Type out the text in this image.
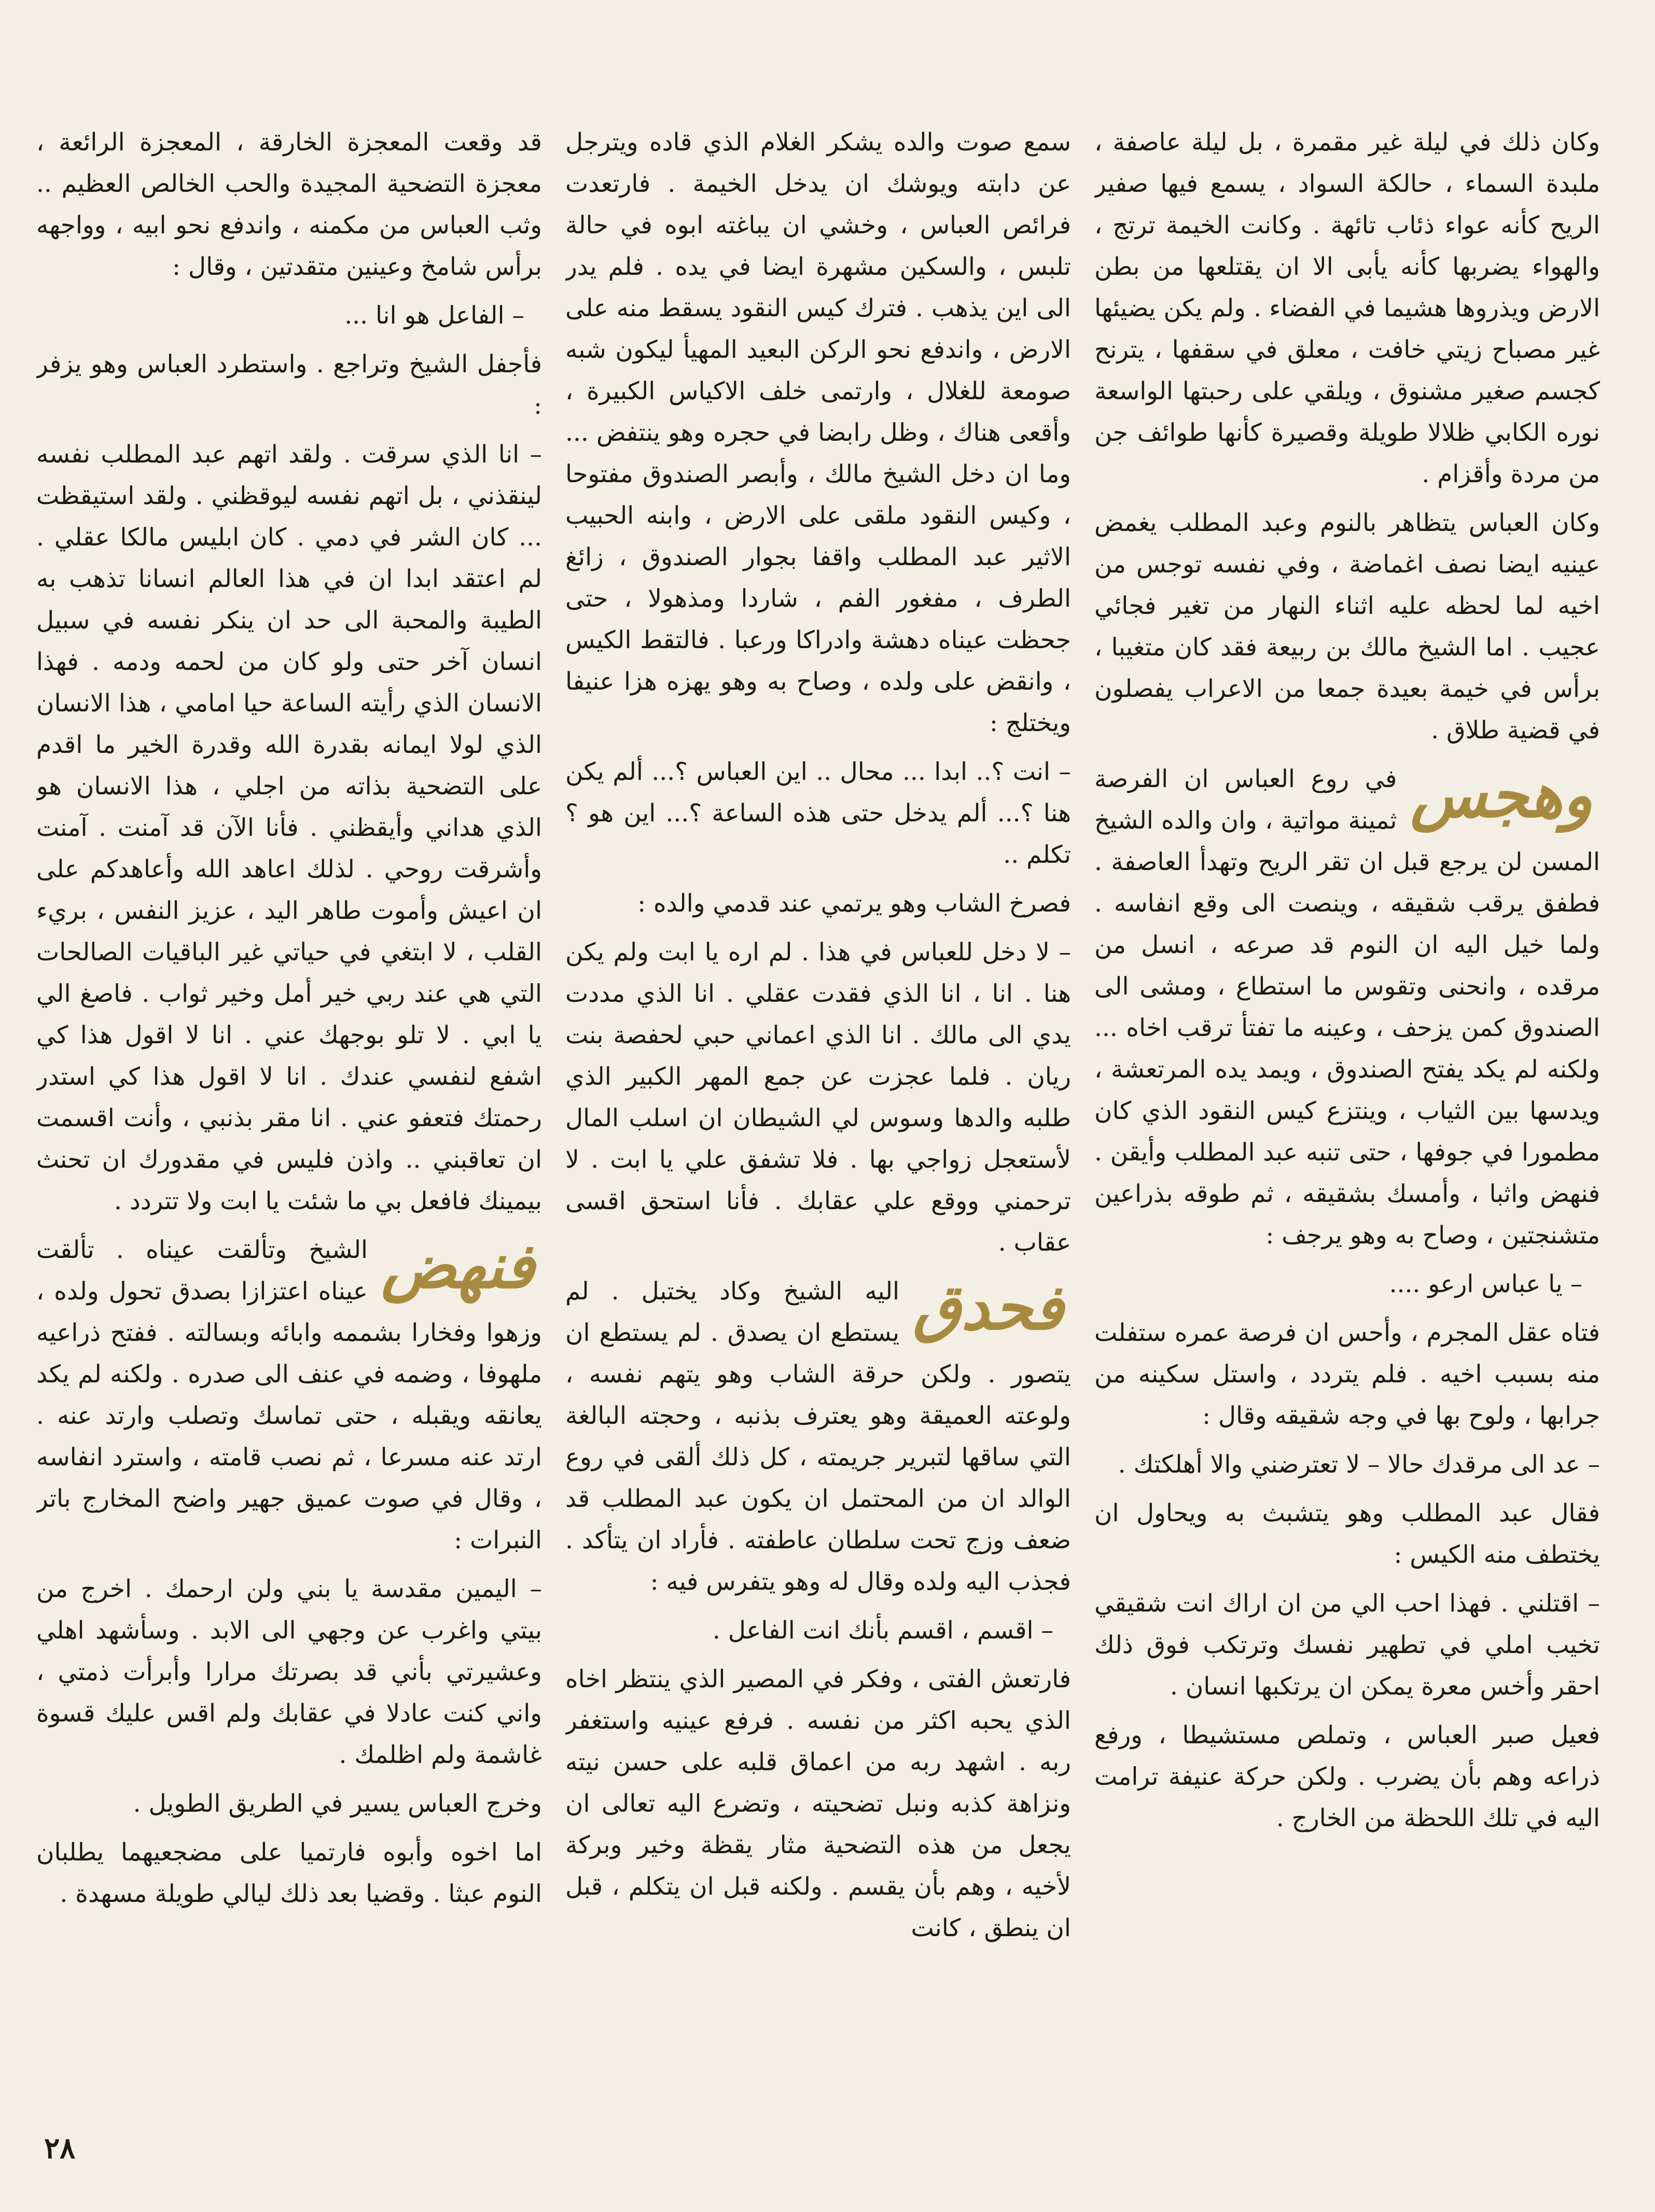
وكان ذلك في ليلة غير مقمرة ، بل ليلة عاصفة ، ملبدة السماء ، حالكة السواد ، يسمع فيها صفير الريح كأنه عواء ذئاب تائهة . وكانت الخيمة ترتج ، والهواء يضربها كأنه يأبى الا ان يقتلعها من بطن الارض ويذروها هشيما في الفضاء . ولم يكن يضيئها غير مصباح زيتي خافت ، معلق في سقفها ، يترنح كجسم صغير مشنوق ، ويلقي على رحبتها الواسعة نوره الكابي ظلالا طويلة وقصيرة كأنها طوائف جن من مردة وأقزام .

وكان العباس يتظاهر بالنوم وعبد المطلب يغمض عينيه ايضا نصف اغماضة ، وفي نفسه توجس من اخيه لما لحظه عليه اثناء النهار من تغير فجائي عجيب . اما الشيخ مالك بن ربيعة فقد كان متغيبا ، برأس في خيمة بعيدة جمعا من الاعراب يفصلون في قضية طلاق .

وهجس
في روع العباس ان الفرصة ثمينة مواتية ، وان والده الشيخ المسن لن يرجع قبل ان تقر الريح وتهدأ العاصفة . فطفق يرقب شقيقه ، وينصت الى وقع انفاسه . ولما خيل اليه ان النوم قد صرعه ، انسل من مرقده ، وانحنى وتقوس ما استطاع ، ومشى الى الصندوق كمن يزحف ، وعينه ما تفتأ ترقب اخاه ... ولكنه لم يكد يفتح الصندوق ، ويمد يده المرتعشة ، ويدسها بين الثياب ، وينتزع كيس النقود الذي كان مطمورا في جوفها ، حتى تنبه عبد المطلب وأيقن . فنهض واثبا ، وأمسك بشقيقه ، ثم طوقه بذراعين متشنجتين ، وصاح به وهو يرجف :

– يا عباس ارعو ....

فتاه عقل المجرم ، وأحس ان فرصة عمره ستفلت منه بسبب اخيه . فلم يتردد ، واستل سكينه من جرابها ، ولوح بها في وجه شقيقه وقال :

– عد الى مرقدك حالا – لا تعترضني والا أهلكتك .

فقال عبد المطلب وهو يتشبث به ويحاول ان يختطف منه الكيس :

– اقتلني . فهذا احب الي من ان اراك انت شقيقي تخيب املي في تطهير نفسك وترتكب فوق ذلك احقر وأخس معرة يمكن ان يرتكبها انسان .

فعيل صبر العباس ، وتملص مستشيطا ، ورفع ذراعه وهم بأن يضرب . ولكن حركة عنيفة ترامت اليه في تلك اللحظة من الخارج .

سمع صوت والده يشكر الغلام الذي قاده ويترجل عن دابته ويوشك ان يدخل الخيمة . فارتعدت فرائص العباس ، وخشي ان يباغته ابوه في حالة تلبس ، والسكين مشهرة ايضا في يده . فلم يدر الى اين يذهب . فترك كيس النقود يسقط منه على الارض ، واندفع نحو الركن البعيد المهيأ ليكون شبه صومعة للغلال ، وارتمى خلف الاكياس الكبيرة ، وأقعى هناك ، وظل رابضا في حجره وهو ينتفض ... وما ان دخل الشيخ مالك ، وأبصر الصندوق مفتوحا ، وكيس النقود ملقى على الارض ، وابنه الحبيب الاثير عبد المطلب واقفا بجوار الصندوق ، زائغ الطرف ، مفغور الفم ، شاردا ومذهولا ، حتى جحظت عيناه دهشة وادراكا ورعبا . فالتقط الكيس ، وانقض على ولده ، وصاح به وهو يهزه هزا عنيفا ويختلج :

– انت ؟.. ابدا ... محال .. اين العباس ؟... ألم يكن هنا ؟... ألم يدخل حتى هذه الساعة ؟... اين هو ؟ تكلم ..

فصرخ الشاب وهو يرتمي عند قدمي والده :

– لا دخل للعباس في هذا . لم اره يا ابت ولم يكن هنا . انا ، انا الذي فقدت عقلي . انا الذي مددت يدي الى مالك . انا الذي اعماني حبي لحفصة بنت ريان . فلما عجزت عن جمع المهر الكبير الذي طلبه والدها وسوس لي الشيطان ان اسلب المال لأستعجل زواجي بها . فلا تشفق علي يا ابت . لا ترحمني ووقع علي عقابك . فأنا استحق اقسى عقاب .

فحدق
اليه الشيخ وكاد يختبل . لم يستطع ان يصدق . لم يستطع ان يتصور . ولكن حرقة الشاب وهو يتهم نفسه ، ولوعته العميقة وهو يعترف بذنبه ، وحجته البالغة التي ساقها لتبرير جريمته ، كل ذلك ألقى في روع الوالد ان من المحتمل ان يكون عبد المطلب قد ضعف وزج تحت سلطان عاطفته . فأراد ان يتأكد . فجذب اليه ولده وقال له وهو يتفرس فيه :

– اقسم ، اقسم بأنك انت الفاعل .

فارتعش الفتى ، وفكر في المصير الذي ينتظر اخاه الذي يحبه اكثر من نفسه . فرفع عينيه واستغفر ربه . اشهد ربه من اعماق قلبه على حسن نيته ونزاهة كذبه ونبل تضحيته ، وتضرع اليه تعالى ان يجعل من هذه التضحية مثار يقظة وخير وبركة لأخيه ، وهم بأن يقسم . ولكنه قبل ان يتكلم ، قبل ان ينطق ، كانت

قد وقعت المعجزة الخارقة ، المعجزة الرائعة ، معجزة التضحية المجيدة والحب الخالص العظيم .. وثب العباس من مكمنه ، واندفع نحو ابيه ، وواجهه برأس شامخ وعينين متقدتين ، وقال :

– الفاعل هو انا ...

فأجفل الشيخ وتراجع . واستطرد العباس وهو يزفر :

– انا الذي سرقت . ولقد اتهم عبد المطلب نفسه لينقذني ، بل اتهم نفسه ليوقظني . ولقد استيقظت ... كان الشر في دمي . كان ابليس مالكا عقلي . لم اعتقد ابدا ان في هذا العالم انسانا تذهب به الطيبة والمحبة الى حد ان ينكر نفسه في سبيل انسان آخر حتى ولو كان من لحمه ودمه . فهذا الانسان الذي رأيته الساعة حيا امامي ، هذا الانسان الذي لولا ايمانه بقدرة الله وقدرة الخير ما اقدم على التضحية بذاته من اجلي ، هذا الانسان هو الذي هداني وأيقظني . فأنا الآن قد آمنت . آمنت وأشرقت روحي . لذلك اعاهد الله وأعاهدكم على ان اعيش وأموت طاهر اليد ، عزيز النفس ، بريء القلب ، لا ابتغي في حياتي غير الباقيات الصالحات التي هي عند ربي خير أمل وخير ثواب . فاصغ الي يا ابي . لا تلو بوجهك عني . انا لا اقول هذا كي اشفع لنفسي عندك . انا لا اقول هذا كي استدر رحمتك فتعفو عني . انا مقر بذنبي ، وأنت اقسمت ان تعاقبني .. واذن فليس في مقدورك ان تحنث بيمينك فافعل بي ما شئت يا ابت ولا تتردد .

فنهض
الشيخ وتألقت عيناه . تألقت عيناه اعتزازا بصدق تحول ولده ، وزهوا وفخارا بشممه وابائه وبسالته . ففتح ذراعيه ملهوفا ، وضمه في عنف الى صدره . ولكنه لم يكد يعانقه ويقبله ، حتى تماسك وتصلب وارتد عنه . ارتد عنه مسرعا ، ثم نصب قامته ، واسترد انفاسه ، وقال في صوت عميق جهير واضح المخارج باتر النبرات :

– اليمين مقدسة يا بني ولن ارحمك . اخرج من بيتي واغرب عن وجهي الى الابد . وسأشهد اهلي وعشيرتي بأني قد بصرتك مرارا وأبرأت ذمتي ، واني كنت عادلا في عقابك ولم اقس عليك قسوة غاشمة ولم اظلمك .

وخرج العباس يسير في الطريق الطويل .

اما اخوه وأبوه فارتميا على مضجعيهما يطلبان النوم عبثا . وقضيا بعد ذلك ليالي طويلة مسهدة .

٢٨
